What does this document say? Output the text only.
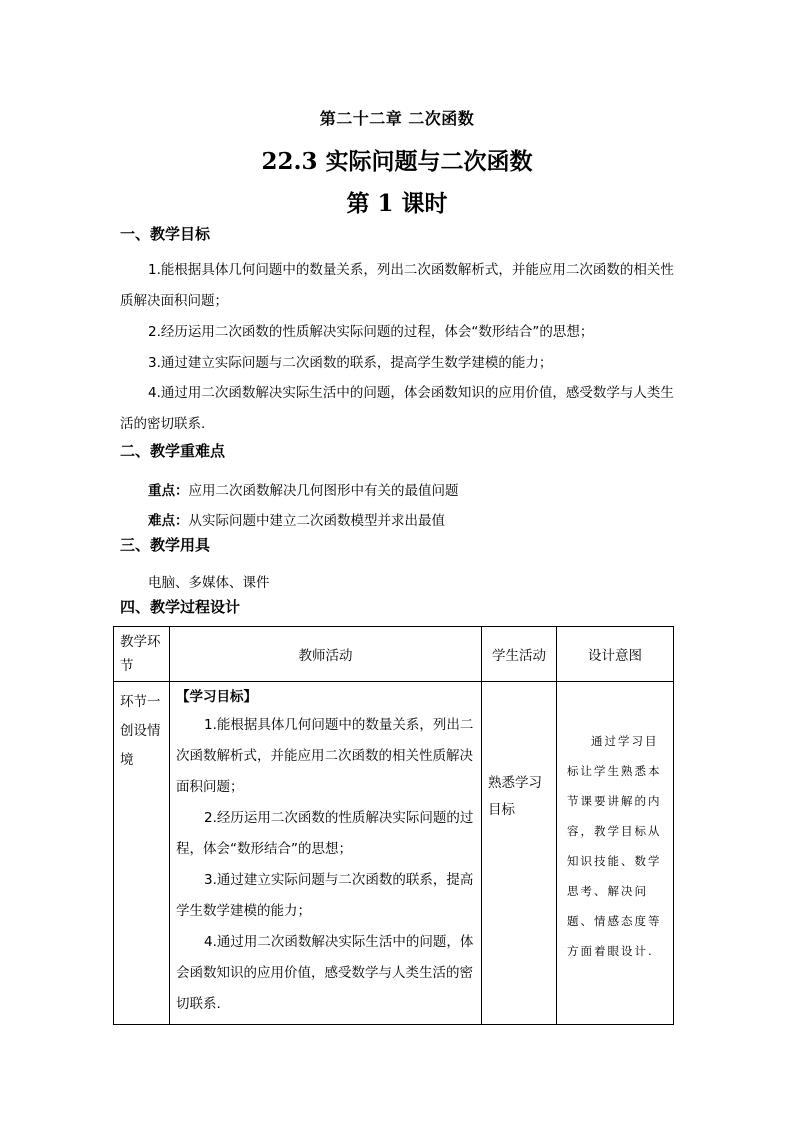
第二十二章 二次函数
22.3 实际问题与二次函数
第 1 课时
一、教学目标
1.能根据具体几何问题中的数量关系，列出二次函数解析式，并能应用二次函数的相关性质解决面积问题；
2.经历运用二次函数的性质解决实际问题的过程，体会“数形结合”的思想；
3.通过建立实际问题与二次函数的联系，提高学生数学建模的能力；
4.通过用二次函数解决实际生活中的问题，体会函数知识的应用价值，感受数学与人类生活的密切联系.
二、教学重难点
重点：应用二次函数解决几何图形中有关的最值问题
难点：从实际问题中建立二次函数模型并求出最值
三、教学用具
电脑、多媒体、课件
四、教学过程设计
教学环节	教师活动	学生活动	设计意图
环节一创设情境	【学习目标】
1.能根据具体几何问题中的数量关系，列出二次函数解析式，并能应用二次函数的相关性质解决面积问题；
2.经历运用二次函数的性质解决实际问题的过程，体会“数形结合”的思想；
3.通过建立实际问题与二次函数的联系，提高学生数学建模的能力；
4.通过用二次函数解决实际生活中的问题，体会函数知识的应用价值，感受数学与人类生活的密切联系.	熟悉学习目标	通过学习目标让学生熟悉本节课要讲解的内容，教学目标从知识技能、数学思考、解决问题、情感态度等方面着眼设计.
